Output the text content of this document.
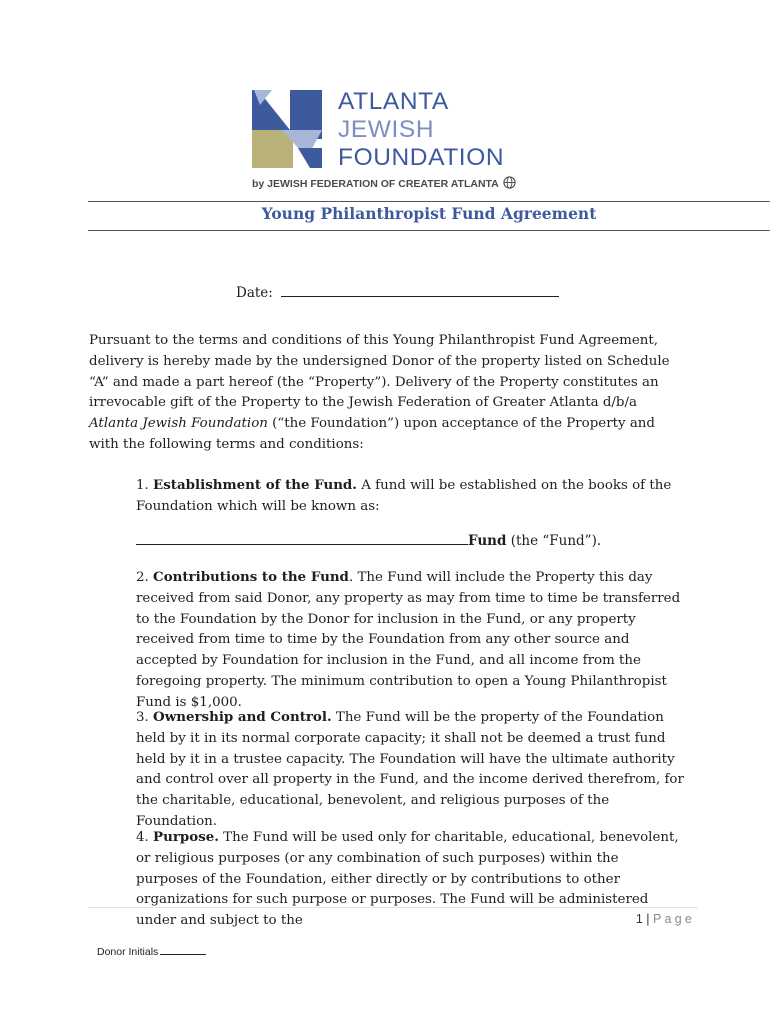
ATLANTA
JEWISH
FOUNDATION
by JEWISH FEDERATION OF CREATER ATLANTA
Young Philanthropist Fund Agreement
Date:

Pursuant to the terms and conditions of this Young Philanthropist Fund Agreement, delivery is hereby made by the undersigned Donor of the property listed on Schedule “A” and made a part hereof (the “Property”). Delivery of the Property constitutes an irrevocable gift of the Property to the Jewish Federation of Greater Atlanta d/b/a Atlanta Jewish Foundation (“the Foundation”) upon acceptance of the Property and with the following terms and conditions:

1. Establishment of the Fund. A fund will be established on the books of the Foundation which will be known as:

Fund (the “Fund”).

2. Contributions to the Fund. The Fund will include the Property this day received from said Donor, any property as may from time to time be transferred to the Foundation by the Donor for inclusion in the Fund, or any property received from time to time by the Foundation from any other source and accepted by Foundation for inclusion in the Fund, and all income from the foregoing property. The minimum contribution to open a Young Philanthropist Fund is $1,000.

3. Ownership and Control. The Fund will be the property of the Foundation held by it in its normal corporate capacity; it shall not be deemed a trust fund held by it in a trustee capacity. The Foundation will have the ultimate authority and control over all property in the Fund, and the income derived therefrom, for the charitable, educational, benevolent, and religious purposes of the Foundation.

4. Purpose. The Fund will be used only for charitable, educational, benevolent, or religious purposes (or any combination of such purposes) within the purposes of the Foundation, either directly or by contributions to other organizations for such purpose or purposes. The Fund will be administered under and subject to the	1 | Page
Donor Initials
